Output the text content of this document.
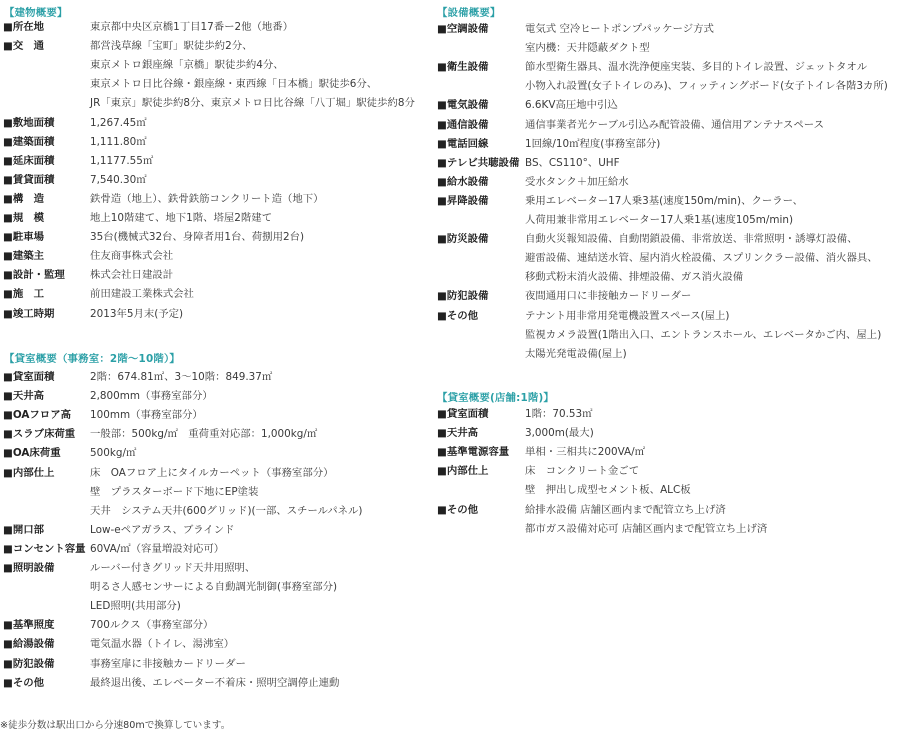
【建物概要】
■所在地	東京都中央区京橋1丁目17番ー2他（地番）
■交　通	都営浅草線「宝町」駅徒歩約2分、
東京メトロ銀座線「京橋」駅徒歩約4分、
東京メトロ日比谷線・銀座線・東西線「日本橋」駅徒歩6分、
JR「東京」駅徒歩約8分、東京メトロ日比谷線「八丁堀」駅徒歩約8分
■敷地面積	1,267.45㎡
■建築面積	1,111.80㎡
■延床面積	1,1177.55㎡
■賃貸面積	7,540.30㎡
■構　造	鉄骨造（地上）、鉄骨鉄筋コンクリート造（地下）
■規　模	地上10階建て、地下1階、塔屋2階建て
■駐車場	35台(機械式32台、身障者用1台、荷捌用2台)
■建築主	住友商事株式会社
■設計・監理 株式会社日建設計
■施　工	前田建設工業株式会社
■竣工時期	2013年5月末(予定)
【貸室概要（事務室：2階〜10階）】
■貸室面積	2階：674.81㎡、3〜10階：849.37㎡
■天井高	2,800mm（事務室部分）
■OAフロア高 100mm（事務室部分）
■スラブ床荷重 一般部：500kg/㎡　重荷重対応部：1,000kg/㎡
■OA床荷重	500kg/㎡
■内部仕上	床　OAフロア上にタイルカーペット（事務室部分）
壁　プラスターボード下地にEP塗装
天井　システム天井(600グリッド)(一部、スチールパネル)
■開口部	Low-eペアガラス、ブラインド
■コンセント容量 60VA/㎡（容量増設対応可）
■照明設備	ルーバー付きグリッド天井用照明、
明るさ人感センサーによる自動調光制御(事務室部分)
LED照明(共用部分)
■基準照度	700ルクス（事務室部分）
■給湯設備	電気温水器（トイレ、湯沸室）
■防犯設備	事務室扉に非接触カードリーダー
■その他	最終退出後、エレベーター不着床・照明空調停止連動
【設備概要】
■空調設備	電気式 空冷ヒートポンプパッケージ方式
室内機：天井隠蔽ダクト型
■衛生設備	節水型衛生器具、温水洗浄便座実装、多目的トイレ設置、ジェットタオル
小物入れ設置(女子トイレのみ)、フィッティングボード(女子トイレ各階3カ所)
■電気設備	6.6KV高圧地中引込
■通信設備	通信事業者光ケーブル引込み配管設備、通信用アンテナスペース
■電話回線	1回線/10㎡程度(事務室部分)
■テレビ共聴設備 BS、CS110°、UHF
■給水設備	受水タンク＋加圧給水
■昇降設備	乗用エレベーター17人乗3基(速度150m/min)、クーラー、
人荷用兼非常用エレベーター17人乗1基(速度105m/min)
■防災設備	自動火災報知設備、自動閉鎖設備、非常放送、非常照明・誘導灯設備、
避雷設備、連結送水管、屋内消火栓設備、スプリンクラー設備、消火器具、
移動式粉末消火設備、排煙設備、ガス消火設備
■防犯設備	夜間通用口に非接触カードリーダー
■その他	テナント用非常用発電機設置スペース(屋上)
監視カメラ設置(1階出入口、エントランスホール、エレベータかご内、屋上)
太陽光発電設備(屋上)
【貸室概要(店舗:1階)】
■貸室面積	1階：70.53㎡
■天井高	3,000m(最大)
■基準電源容量 単相・三相共に200VA/㎡
■内部仕上	床　コンクリート金ごて
壁　押出し成型セメント板、ALC板
■その他	給排水設備 店舗区画内まで配管立ち上げ済
都市ガス設備対応可 店舗区画内まで配管立ち上げ済
※徒歩分数は駅出口から分速80mで換算しています。
